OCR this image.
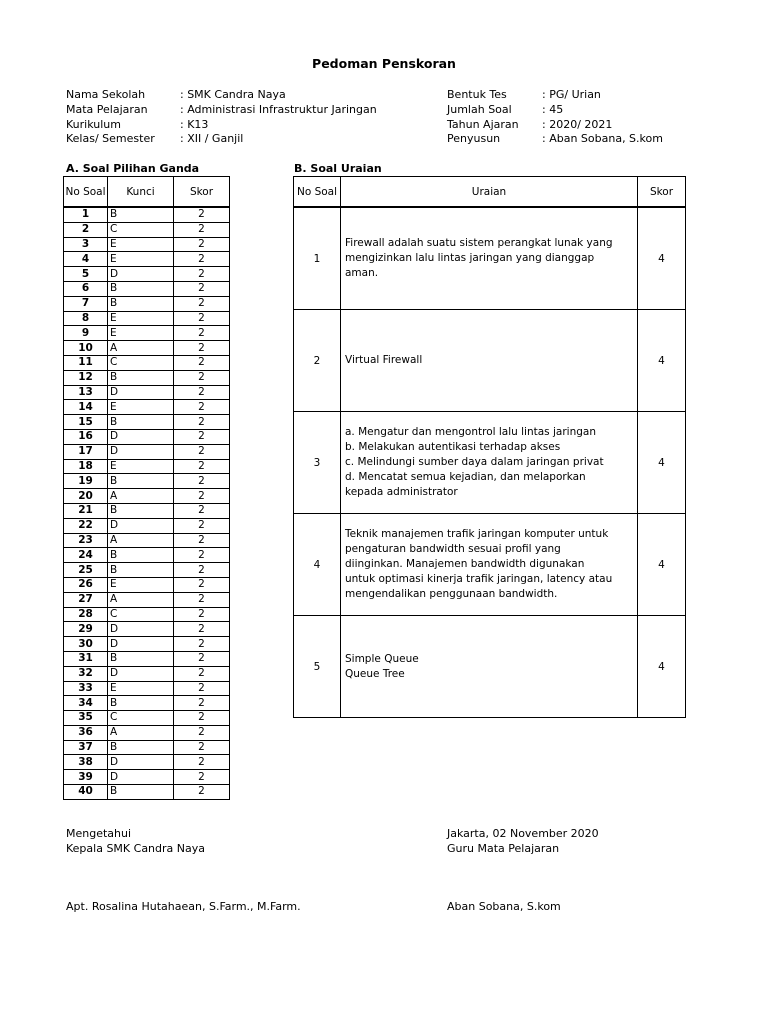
Pedoman Penskoran
Nama Sekolah	: SMK Candra Naya
Mata Pelajaran	: Administrasi Infrastruktur Jaringan
Kurikulum	: K13
Kelas/ Semester	: XII / Ganjil
Bentuk Tes	: PG/ Urian
Jumlah Soal	: 45
Tahun Ajaran	: 2020/ 2021
Penyusun	: Aban Sobana, S.kom
A. Soal Pilihan Ganda	B. Soal Uraian
No Soal	Kunci	Skor
1	B	2
2	C	2
3	E	2
4	E	2
5	D	2
6	B	2
7	B	2
8	E	2
9	E	2
10	A	2
11	C	2
12	B	2
13	D	2
14	E	2
15	B	2
16	D	2
17	D	2
18	E	2
19	B	2
20	A	2
21	B	2
22	D	2
23	A	2
24	B	2
25	B	2
26	E	2
27	A	2
28	C	2
29	D	2
30	D	2
31	B	2
32	D	2
33	E	2
34	B	2
35	C	2
36	A	2
37	B	2
38	D	2
39	D	2
40	B	2
No Soal	Uraian	Skor
1	Firewall adalah suatu sistem perangkat lunak yang
mengizinkan lalu lintas jaringan yang dianggap
aman.	4
2	Virtual Firewall	4
3	a. Mengatur dan mengontrol lalu lintas jaringan
b. Melakukan autentikasi terhadap akses
c. Melindungi sumber daya dalam jaringan privat
d. Mencatat semua kejadian, dan melaporkan
kepada administrator	4
4	Teknik manajemen trafik jaringan komputer untuk
pengaturan bandwidth sesuai profil yang
diinginkan. Manajemen bandwidth digunakan
untuk optimasi kinerja trafik jaringan, latency atau
mengendalikan penggunaan bandwidth.	4
5	Simple Queue
Queue Tree	4
Mengetahui
Kepala SMK Candra Naya
Jakarta, 02 November 2020
Guru Mata Pelajaran
Apt. Rosalina Hutahaean, S.Farm., M.Farm.	Aban Sobana, S.kom
